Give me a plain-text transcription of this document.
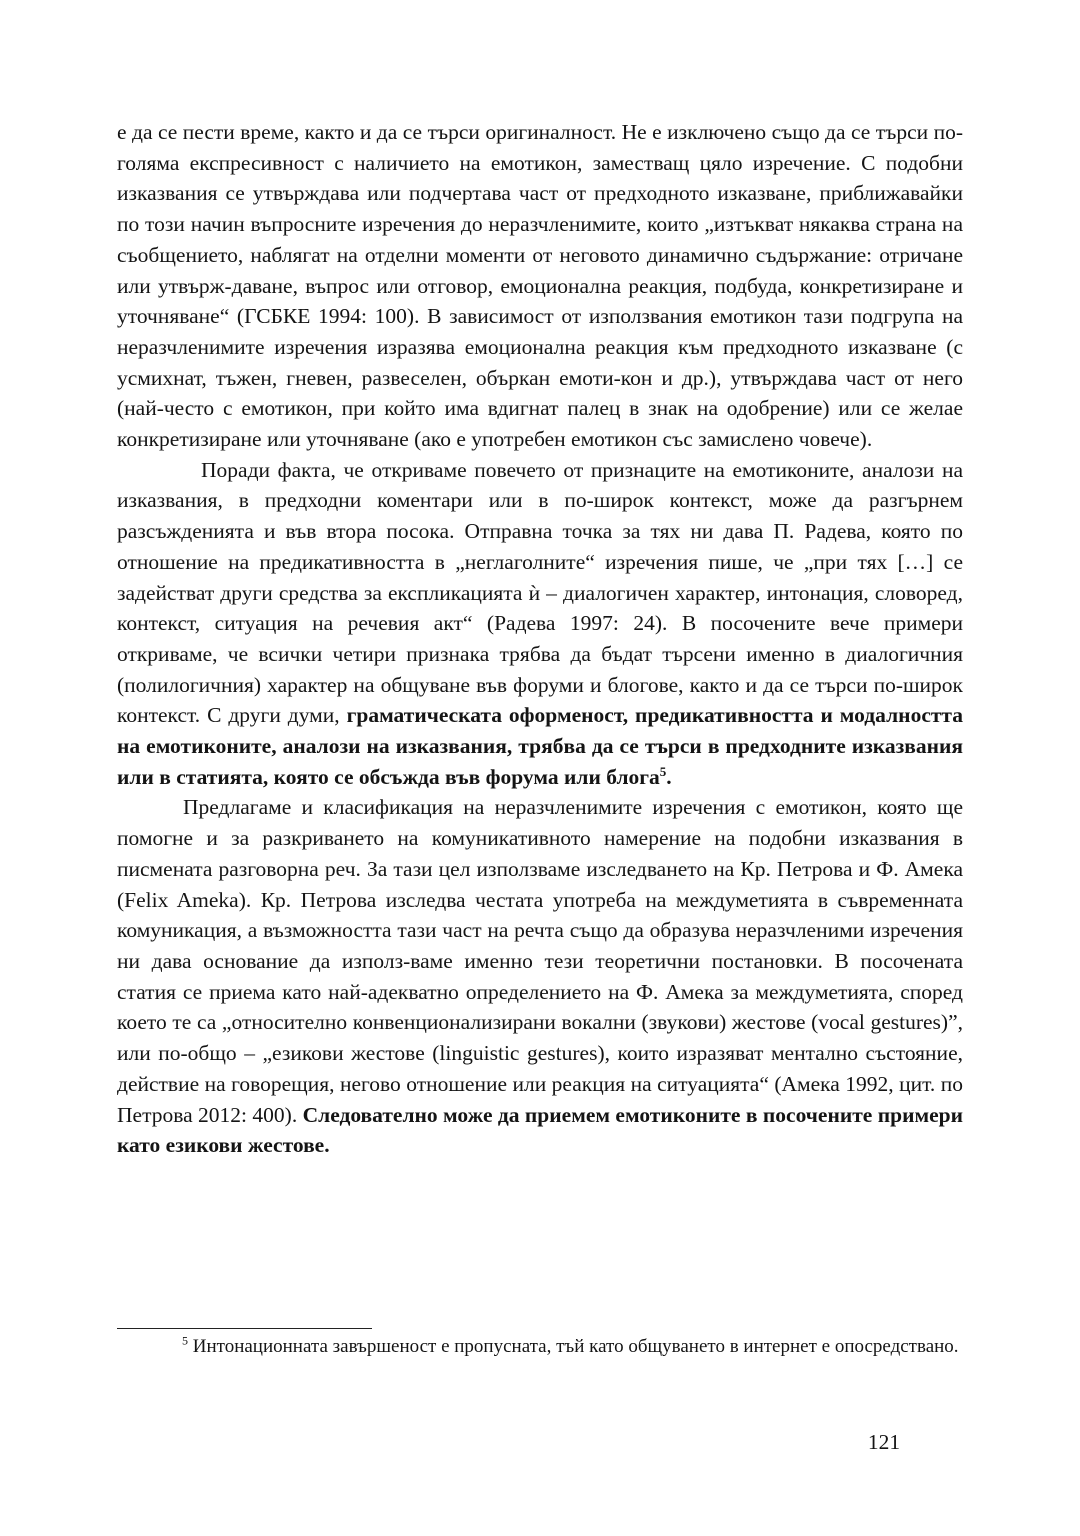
е да се пести време, както и да се търси оригиналност. Не е изключено също да се търси по-голяма експресивност с наличието на емотикон, заместващ цяло изречение. С подобни изказвания се утвърждава или подчертава част от предходното изказване, приближавайки по този начин въпросните изречения до неразчленимите, които „изтъкват някаква страна на съобщението, наблягат на отделни моменти от неговото динамично съдържание: отричане или утвърж-даване, въпрос или отговор, емоционална реакция, подбуда, конкретизиране и уточняване“ (ГСБКЕ 1994: 100). В зависимост от използвания емотикон тази подгрупа на неразчленимите изречения изразява емоционална реакция към предходното изказване (с усмихнат, тъжен, гневен, развеселен, объркан емоти-кон и др.), утвърждава част от него (най-често с емотикон, при който има вдигнат палец в знак на одобрение) или се желае конкретизиране или уточняване (ако е употребен емотикон със замислено човече).

Поради факта, че откриваме повечето от признаците на емотиконите, аналози на изказвания, в предходни коментари или в по-широк контекст, може да разгърнем разсъжденията и във втора посока. Отправна точка за тях ни дава П. Радева, която по отношение на предикативността в „неглаголните“ изречения пише, че „при тях […] се задействат други средства за експликацията ѝ – диалогичен характер, интонация, словоред, контекст, ситуация на речевия акт“ (Радева 1997: 24). В посочените вече примери откриваме, че всички четири признака трябва да бъдат търсени именно в диалогичния (полилогичния) характер на общуване във форуми и блогове, както и да се търси по-широк контекст. С други думи, граматическата оформеност, предикативността и модалността на емотиконите, аналози на изказвания, трябва да се търси в предходните изказвания или в статията, която се обсъжда във форума или блога$^5$.

Предлагаме и класификация на неразчленимите изречения с емотикон, която ще помогне и за разкриването на комуникативното намерение на подобни изказвания в писмената разговорна реч. За тази цел използваме изследването на Кр. Петрова и Ф. Амека (Felix Ameka). Кр. Петрова изследва честата употреба на междуметията в съвременната комуникация, а възможността тази част на речта също да образува неразчленими изречения ни дава основание да използ-ваме именно тези теоретични постановки. В посочената статия се приема като най-адекватно определението на Ф. Амека за междуметията, според което те са „относително конвенционализирани вокални (звукови) жестове (vocal gestures)”, или по-общо – „езикови жестове (linguistic gestures), които изразяват ментално състояние, действие на говорещия, негово отношение или реакция на ситуацията“ (Амека 1992, цит. по Петрова 2012: 400). Следователно може да приемем емотиконите в посочените примери като езикови жестове.

$^5$ Интонационната завършеност е пропусната, тъй като общуването в интернет е опосредствано.
121
